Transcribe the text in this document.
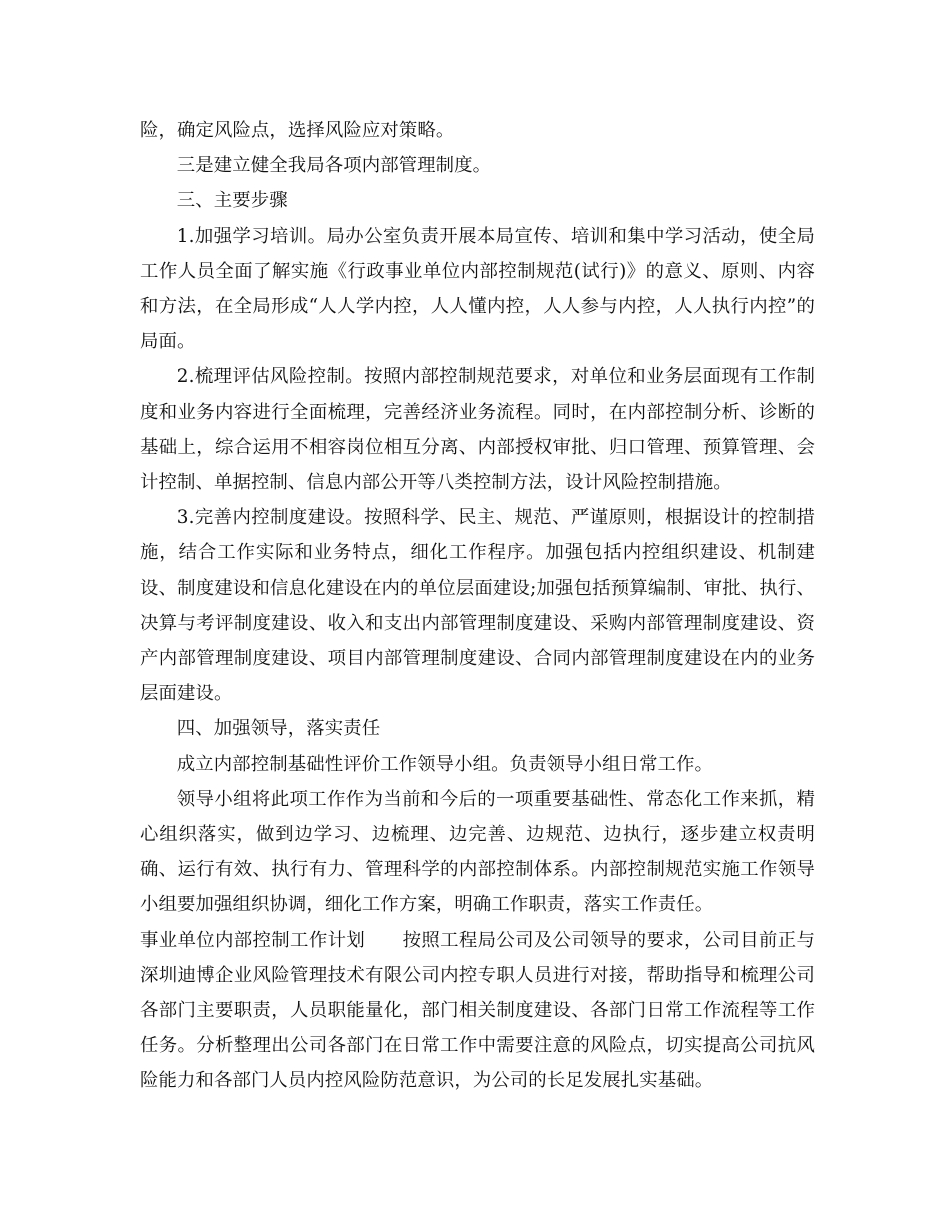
险，确定风险点，选择风险应对策略。

三是建立健全我局各项内部管理制度。

三、主要步骤

1.加强学习培训。局办公室负责开展本局宣传、培训和集中学习活动，使全局工作人员全面了解实施《行政事业单位内部控制规范(试行)》的意义、原则、内容和方法，在全局形成“人人学内控，人人懂内控，人人参与内控，人人执行内控”的局面。

2.梳理评估风险控制。按照内部控制规范要求，对单位和业务层面现有工作制度和业务内容进行全面梳理，完善经济业务流程。同时，在内部控制分析、诊断的基础上，综合运用不相容岗位相互分离、内部授权审批、归口管理、预算管理、会计控制、单据控制、信息内部公开等八类控制方法，设计风险控制措施。

3.完善内控制度建设。按照科学、民主、规范、严谨原则，根据设计的控制措施，结合工作实际和业务特点，细化工作程序。加强包括内控组织建设、机制建设、制度建设和信息化建设在内的单位层面建设;加强包括预算编制、审批、执行、决算与考评制度建设、收入和支出内部管理制度建设、采购内部管理制度建设、资产内部管理制度建设、项目内部管理制度建设、合同内部管理制度建设在内的业务层面建设。

四、加强领导，落实责任

成立内部控制基础性评价工作领导小组。负责领导小组日常工作。

领导小组将此项工作作为当前和今后的一项重要基础性、常态化工作来抓，精心组织落实，做到边学习、边梳理、边完善、边规范、边执行，逐步建立权责明确、运行有效、执行有力、管理科学的内部控制体系。内部控制规范实施工作领导小组要加强组织协调，细化工作方案，明确工作职责，落实工作责任。

事业单位内部控制工作计划　　按照工程局公司及公司领导的要求，公司目前正与深圳迪博企业风险管理技术有限公司内控专职人员进行对接，帮助指导和梳理公司各部门主要职责，人员职能量化，部门相关制度建设、各部门日常工作流程等工作任务。分析整理出公司各部门在日常工作中需要注意的风险点，切实提高公司抗风险能力和各部门人员内控风险防范意识，为公司的长足发展扎实基础。
